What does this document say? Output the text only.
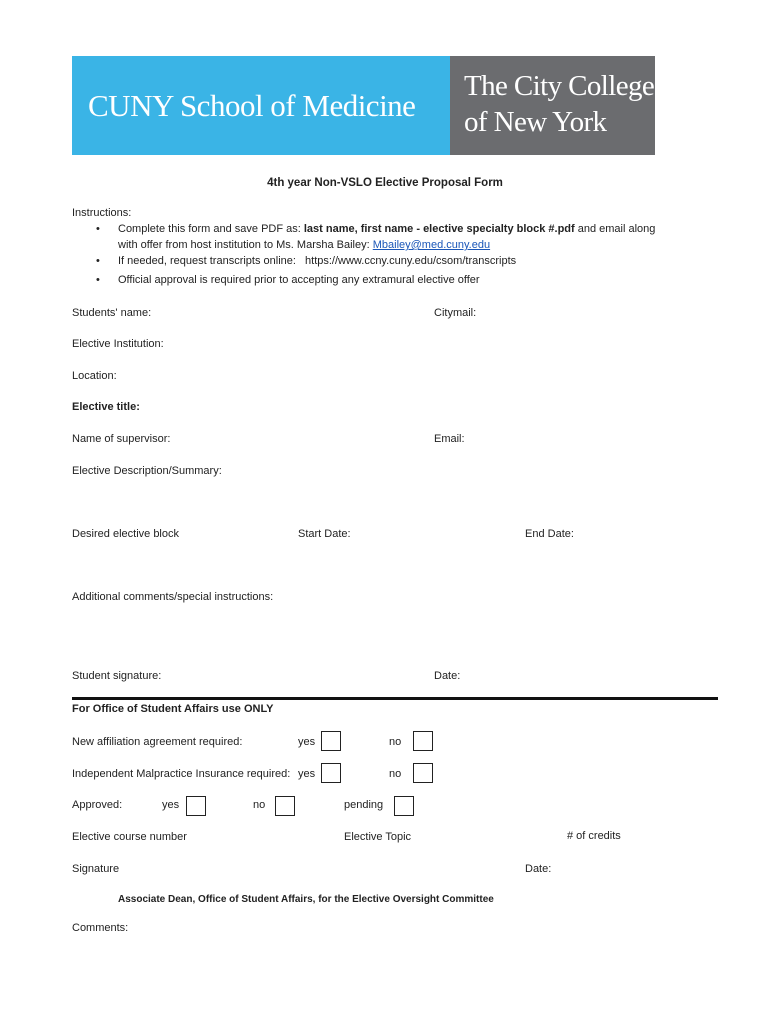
CUNY School of Medicine
The City College
of New York
4th year Non-VSLO Elective Proposal Form
Instructions:
• Complete this form and save PDF as: last name, first name - elective specialty block #.pdf and email along
with offer from host institution to Ms. Marsha Bailey: Mbailey@med.cuny.edu
• If needed, request transcripts online: https://www.ccny.cuny.edu/csom/transcripts
• Official approval is required prior to accepting any extramural elective offer
Students' name:	Citymail:
Elective Institution:
Location:
Elective title:
Name of supervisor:	Email:
Elective Description/Summary:
Desired elective block	Start Date:	End Date:
Additional comments/special instructions:
Student signature:	Date:
For Office of Student Affairs use ONLY
New affiliation agreement required:	yes	no
Independent Malpractice Insurance required: yes	no
Approved:	yes	no	pending
Elective course number	Elective Topic	# of credits
Signature	Date:
Associate Dean, Office of Student Affairs, for the Elective Oversight Committee
Comments:
